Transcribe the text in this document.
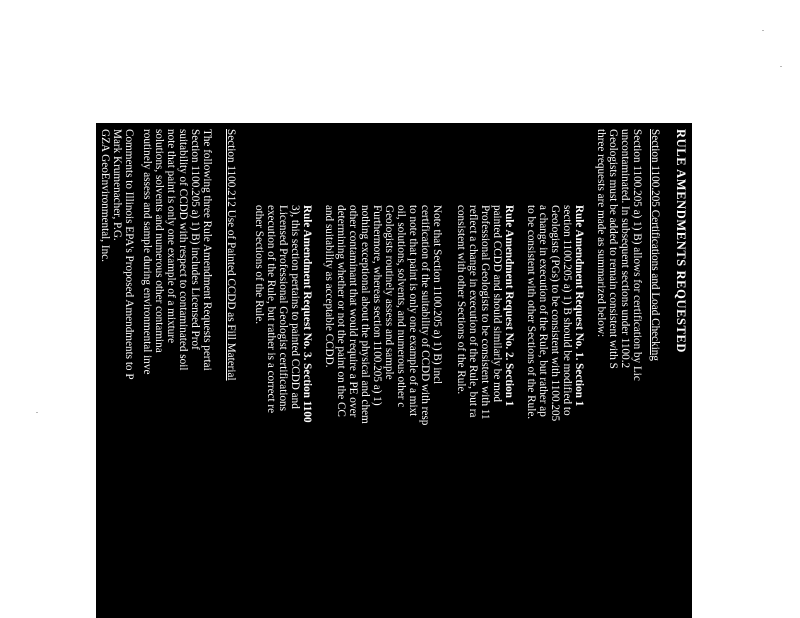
RULE AMENDMENTS REQUESTED
Section 1100.205 Certifications and Load Checking
Section 1100.205 a) 1) B) allows for certification by Lic
uncontaminated. In subsequent sections under 1100.2
Geologists must be added to remain consistent with S
three requests are made as summarized below:
Rule Amendment Request No. 1. Section 1
section 1100.205 a) 1) B should be modified to
Geologists (PGs) to be consistent with 1100.205
a change in execution of the Rule, but rather ap
to be consistent with other Sections of the Rule.
Rule Amendment Request No. 2. Section 1
painted CCDD and should similarly be mod
Professional Geologists to be consistent with 11
reflect a change in execution of the Rule, but ra
consistent with other Sections of the Rule.
Note that Section 1100.205 a) 1) B) incl
certification of the suitability of CCDD with resp
to note that paint is only one example of a mixt
oil, solutions, solvents, and numerous other c
Geologists routinely assess and sample
Furthermore, whereas section 1100.205 a) 1)
nothing exceptional about the physical and chem
other contaminant that would require a PE over
determining whether or not the paint on the CC
and suitability as acceptable CCDD.
Rule Amendment Request No. 3. Section 1100
3), this section pertains to painted CCDD and
Licensed Professional Geologist certifications
execution of the Rule, but rather is a correct re
other Sections of the Rule.
Section 1100.212 Use of Painted CCDD as Fill Material
The following three Rule Amendment Requests pertai
Section 1100.205 a) 1) B) includes Licensed Prof
suitability of CCDD with respect to contaminated soil
note that paint is only one example of a mixture
solutions, solvents and numerous other contamina
routinely assess and sample during environmental inve
Comments to Illinois EPA's Proposed Amendments to P
Mark Krumenacher, P.G.
GZA GeoEnvironmental, Inc.
